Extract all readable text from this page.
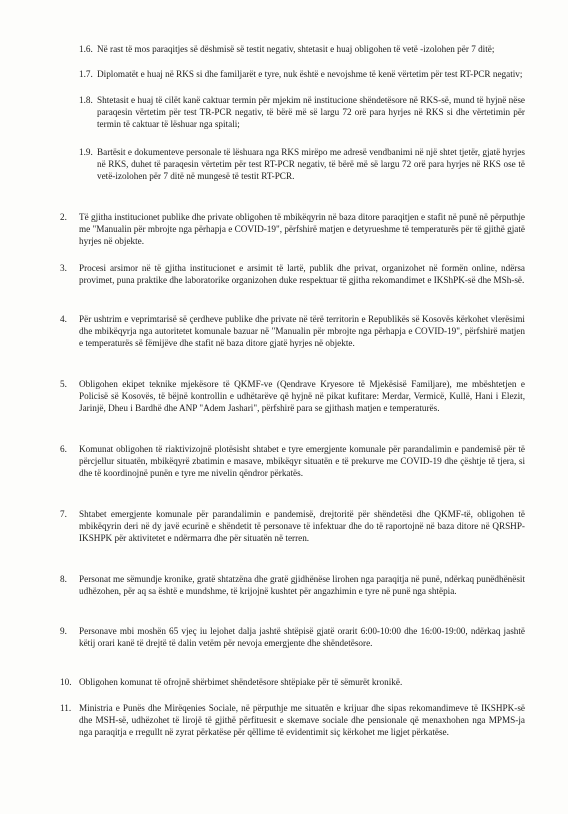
1.6. Në rast të mos paraqitjes së dëshmisë së testit negativ, shtetasit e huaj obligohen të vetë -izolohen për 7 ditë;
1.7. Diplomatët e huaj në RKS si dhe familjarët e tyre, nuk është e nevojshme të kenë vërtetim për test RT-PCR negativ;
1.8. Shtetasit e huaj të cilët kanë caktuar termin për mjekim në institucione shëndetësore në RKS-së, mund të hyjnë nëse paraqesin vërtetim për test TR-PCR negativ, të bërë më së largu 72 orë para hyrjes në RKS si dhe vërtetimin për termin të caktuar të lëshuar nga spitali;
1.9. Bartësit e dokumenteve personale të lëshuara nga RKS mirëpo me adresë vendbanimi në një shtet tjetër, gjatë hyrjes në RKS, duhet të paraqesin vërtetim për test RT-PCR negativ, të bërë më së largu 72 orë para hyrjes në RKS ose të vetë-izolohen për 7 ditë në mungesë të testit RT-PCR.
2. Të gjitha institucionet publike dhe private obligohen të mbikëqyrin në baza ditore paraqitjen e stafit në punë në përputhje me "Manualin për mbrojte nga përhapja e COVID-19", përfshirë matjen e detyrueshme të temperaturës për të gjithë gjatë hyrjes në objekte.
3. Procesi arsimor në të gjitha institucionet e arsimit të lartë, publik dhe privat, organizohet në formën online, ndërsa provimet, puna praktike dhe laboratorike organizohen duke respektuar të gjitha rekomandimet e IKShPK-së dhe MSh-së.
4. Për ushtrim e veprimtarisë së çerdheve publike dhe private në tërë territorin e Republikës së Kosovës kërkohet vlerësimi dhe mbikëqyrja nga autoritetet komunale bazuar në "Manualin për mbrojte nga përhapja e COVID-19", përfshirë matjen e temperaturës së fëmijëve dhe stafit në baza ditore gjatë hyrjes në objekte.
5. Obligohen ekipet teknike mjekësore të QKMF-ve (Qendrave Kryesore të Mjekësisë Familjare), me mbështetjen e Policisë së Kosovës, të bëjnë kontrollin e udhëtarëve që hyjnë në pikat kufitare: Merdar, Vermicë, Kullë, Hani i Elezit, Jarinjë, Dheu i Bardhë dhe ANP "Adem Jashari", përfshirë para se gjithash matjen e temperaturës.
6. Komunat obligohen të riaktivizojnë plotësisht shtabet e tyre emergjente komunale për parandalimin e pandemisë për të përcjellur situatën, mbikëqyrë zbatimin e masave, mbikëqyr situatën e të prekurve me COVID-19 dhe çështje të tjera, si dhe të koordinojnë punën e tyre me nivelin qëndror përkatës.
7. Shtabet emergjente komunale për parandalimin e pandemisë, drejtoritë për shëndetësi dhe QKMF-të, obligohen të mbikëqyrin deri në dy javë ecurinë e shëndetit të personave të infektuar dhe do të raportojnë në baza ditore në QRSHP-IKSHPK për aktivitetet e ndërmarra dhe për situatën në terren.
8. Personat me sëmundje kronike, gratë shtatzëna dhe gratë gjidhënëse lirohen nga paraqitja në punë, ndërkaq punëdhënësit udhëzohen, për aq sa është e mundshme, të krijojnë kushtet për angazhimin e tyre në punë nga shtëpia.
9. Personave mbi moshën 65 vjeç iu lejohet dalja jashtë shtëpisë gjatë orarit 6:00-10:00 dhe 16:00-19:00, ndërkaq jashtë këtij orari kanë të drejtë të dalin vetëm për nevoja emergjente dhe shëndetësore.
10. Obligohen komunat të ofrojnë shërbimet shëndetësore shtëpiake për të sëmurët kronikë.
11. Ministria e Punës dhe Mirëqenies Sociale, në përputhje me situatën e krijuar dhe sipas rekomandimeve të IKSHPK-së dhe MSH-së, udhëzohet të lirojë të gjithë përfituesit e skemave sociale dhe pensionale që menaxhohen nga MPMS-ja nga paraqitja e rregullt në zyrat përkatëse për qëllime të evidentimit siç kërkohet me ligjet përkatëse.
